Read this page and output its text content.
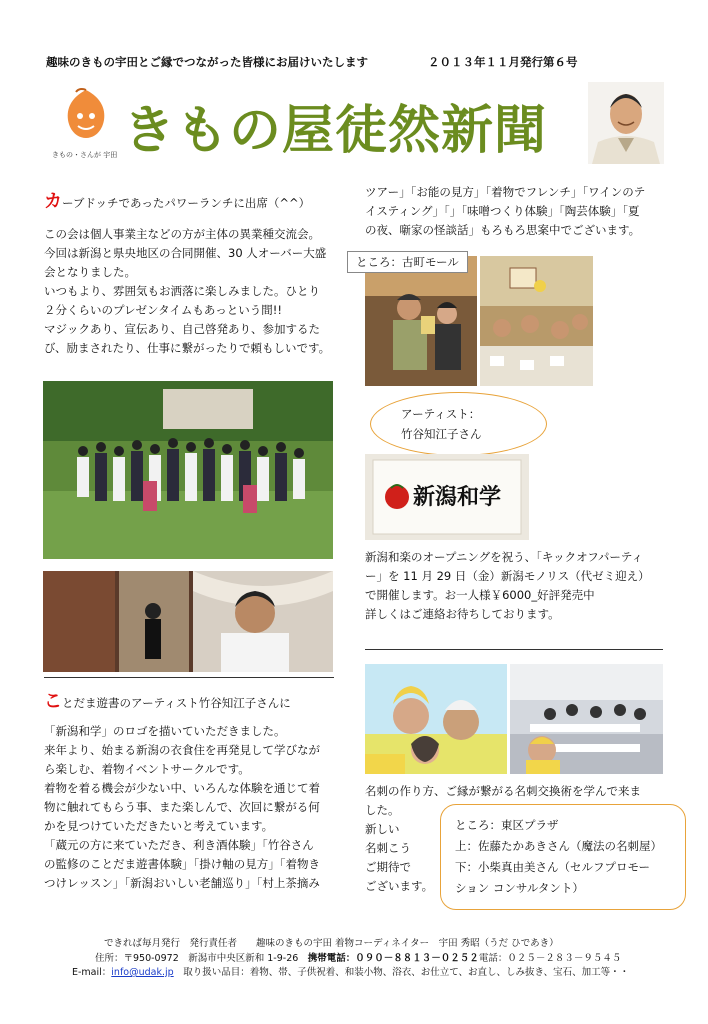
趣味のきもの宇田とご縁でつながった皆様にお届けいたします	２０１３年１１月発行第６号
きもの・さんが 宇田 きもの屋徒然新聞
カーブドッチであったパワーランチに出席（^^）
この会は個人事業主などの方が主体の異業種交流会。
今回は新潟と県央地区の合同開催、30 人オーバー大盛
会となりました。
いつもより、雰囲気もお洒落に楽しみました。ひとり
２分くらいのプレゼンタイムもあっという間!!
マジックあり、宣伝あり、自己啓発あり、参加するた
び、励まされたり、仕事に繋がったりで頼もしいです。
ことだま遊書のアーティスト竹谷知江子さんに
「新潟和学」のロゴを描いていただきました。
来年より、始まる新潟の衣食住を再発見して学びなが
ら楽しむ、着物イベントサークルです。
着物を着る機会が少ない中、いろんな体験を通じて着
物に触れてもらう事、また楽しんで、次回に繋がる何
かを見つけていただきたいと考えています。
「蔵元の方に来ていただき、利き酒体験」「竹谷さん
の監修のことだま遊書体験」「掛け軸の見方」「着物き
つけレッスン」「新潟おいしい老舗巡り」「村上茶摘み
ツアー」「お能の見方」「着物でフレンチ」「ワインのテ
イスティング」「」「味噌つくり体験」「陶芸体験」「夏
の夜、噺家の怪談話」もろもろ思案中でございます。
ところ：古町モール
アーティスト：
竹谷知江子さん
新潟和学
新潟和楽のオープニングを祝う、「キックオフパーティ
ー」を 11 月 29 日（金）新潟モノリス（代ゼミ迎え）
で開催します。お一人様￥6000_好評発売中
詳しくはご連絡お待ちしております。
名刺の作り方、ご縁が繋がる名刺交換術を学んで来ま
した。
新しい
名刺こう
ご期待で
ございます。
ところ：東区プラザ
上：佐藤たかあきさん（魔法の名刺屋）
下：小柴真由美さん（セルフプロモー
ション コンサルタント）
できれば毎月発行　発行責任者　　趣味のきもの宇田 着物コーディネイター　宇田 秀昭（うだ ひであき）
住所：〒950-0972　新潟市中央区新和 1-9-26　携帯電話：０９０－８８１３－０２５２電話：０２５－２８３－９５４５
E-mail：info@udak.jp　取り扱い品目：着物、帯、子供祝着、和装小物、浴衣、お仕立て、お直し、しみ抜き、宝石、加工等・・
